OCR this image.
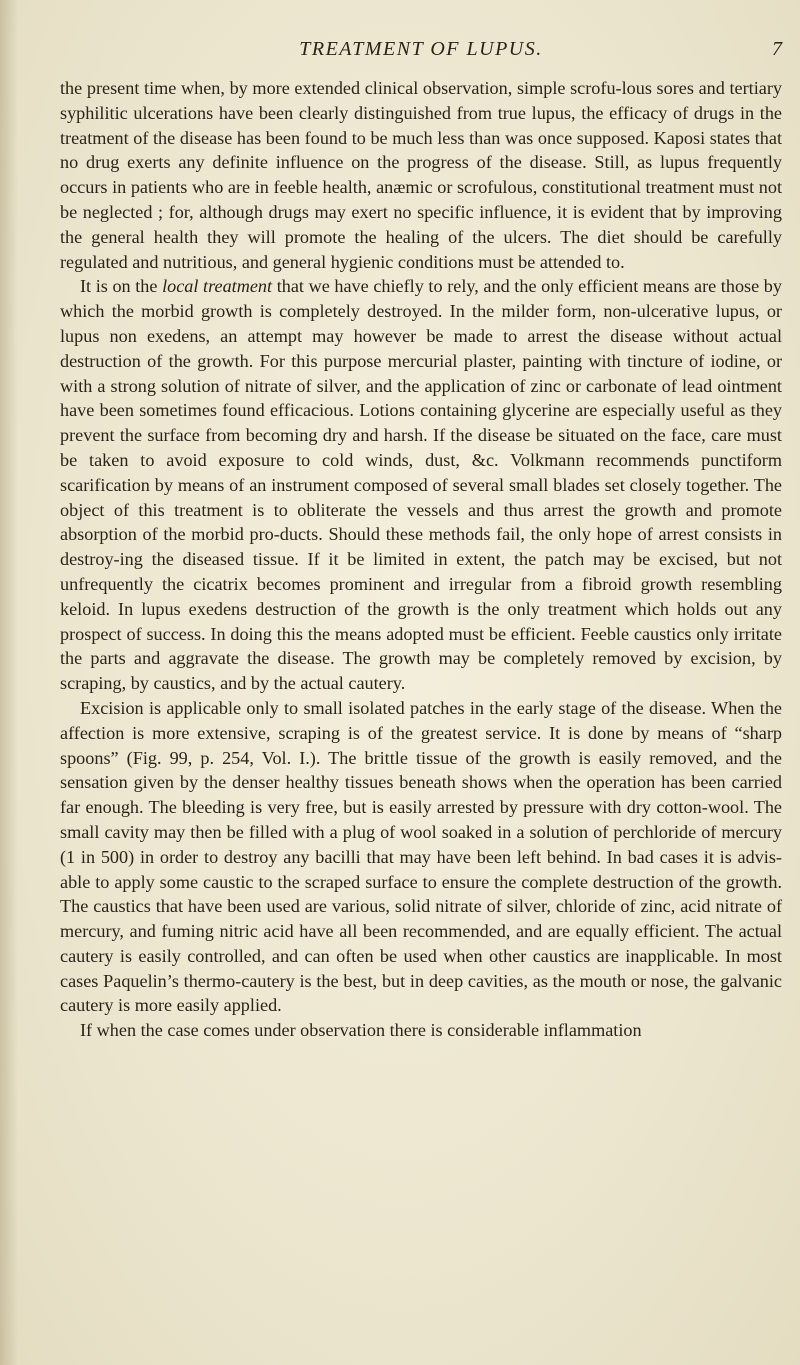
TREATMENT OF LUPUS.	7

the present time when, by more extended clinical observation, simple scrofu-lous sores and tertiary syphilitic ulcerations have been clearly distinguished from true lupus, the efficacy of drugs in the treatment of the disease has been found to be much less than was once supposed. Kaposi states that no drug exerts any definite influence on the progress of the disease. Still, as lupus frequently occurs in patients who are in feeble health, anæmic or scrofulous, constitutional treatment must not be neglected ; for, although drugs may exert no specific influence, it is evident that by improving the general health they will promote the healing of the ulcers. The diet should be carefully regulated and nutritious, and general hygienic conditions must be attended to.

It is on the local treatment that we have chiefly to rely, and the only efficient means are those by which the morbid growth is completely destroyed. In the milder form, non-ulcerative lupus, or lupus non exedens, an attempt may however be made to arrest the disease without actual destruction of the growth. For this purpose mercurial plaster, painting with tincture of iodine, or with a strong solution of nitrate of silver, and the application of zinc or carbonate of lead ointment have been sometimes found efficacious. Lotions containing glycerine are especially useful as they prevent the surface from becoming dry and harsh. If the disease be situated on the face, care must be taken to avoid exposure to cold winds, dust, &c. Volkmann recommends punctiform scarification by means of an instrument composed of several small blades set closely together. The object of this treatment is to obliterate the vessels and thus arrest the growth and promote absorption of the morbid pro-ducts. Should these methods fail, the only hope of arrest consists in destroy-ing the diseased tissue. If it be limited in extent, the patch may be excised, but not unfrequently the cicatrix becomes prominent and irregular from a fibroid growth resembling keloid. In lupus exedens destruction of the growth is the only treatment which holds out any prospect of success. In doing this the means adopted must be efficient. Feeble caustics only irritate the parts and aggravate the disease. The growth may be completely removed by excision, by scraping, by caustics, and by the actual cautery.

Excision is applicable only to small isolated patches in the early stage of the disease. When the affection is more extensive, scraping is of the greatest service. It is done by means of “sharp spoons” (Fig. 99, p. 254, Vol. I.). The brittle tissue of the growth is easily removed, and the sensation given by the denser healthy tissues beneath shows when the operation has been carried far enough. The bleeding is very free, but is easily arrested by pressure with dry cotton-wool. The small cavity may then be filled with a plug of wool soaked in a solution of perchloride of mercury (1 in 500) in order to destroy any bacilli that may have been left behind. In bad cases it is advis-able to apply some caustic to the scraped surface to ensure the complete destruction of the growth. The caustics that have been used are various, solid nitrate of silver, chloride of zinc, acid nitrate of mercury, and fuming nitric acid have all been recommended, and are equally efficient. The actual cautery is easily controlled, and can often be used when other caustics are inapplicable. In most cases Paquelin’s thermo-cautery is the best, but in deep cavities, as the mouth or nose, the galvanic cautery is more easily applied.

If when the case comes under observation there is considerable inflammation
